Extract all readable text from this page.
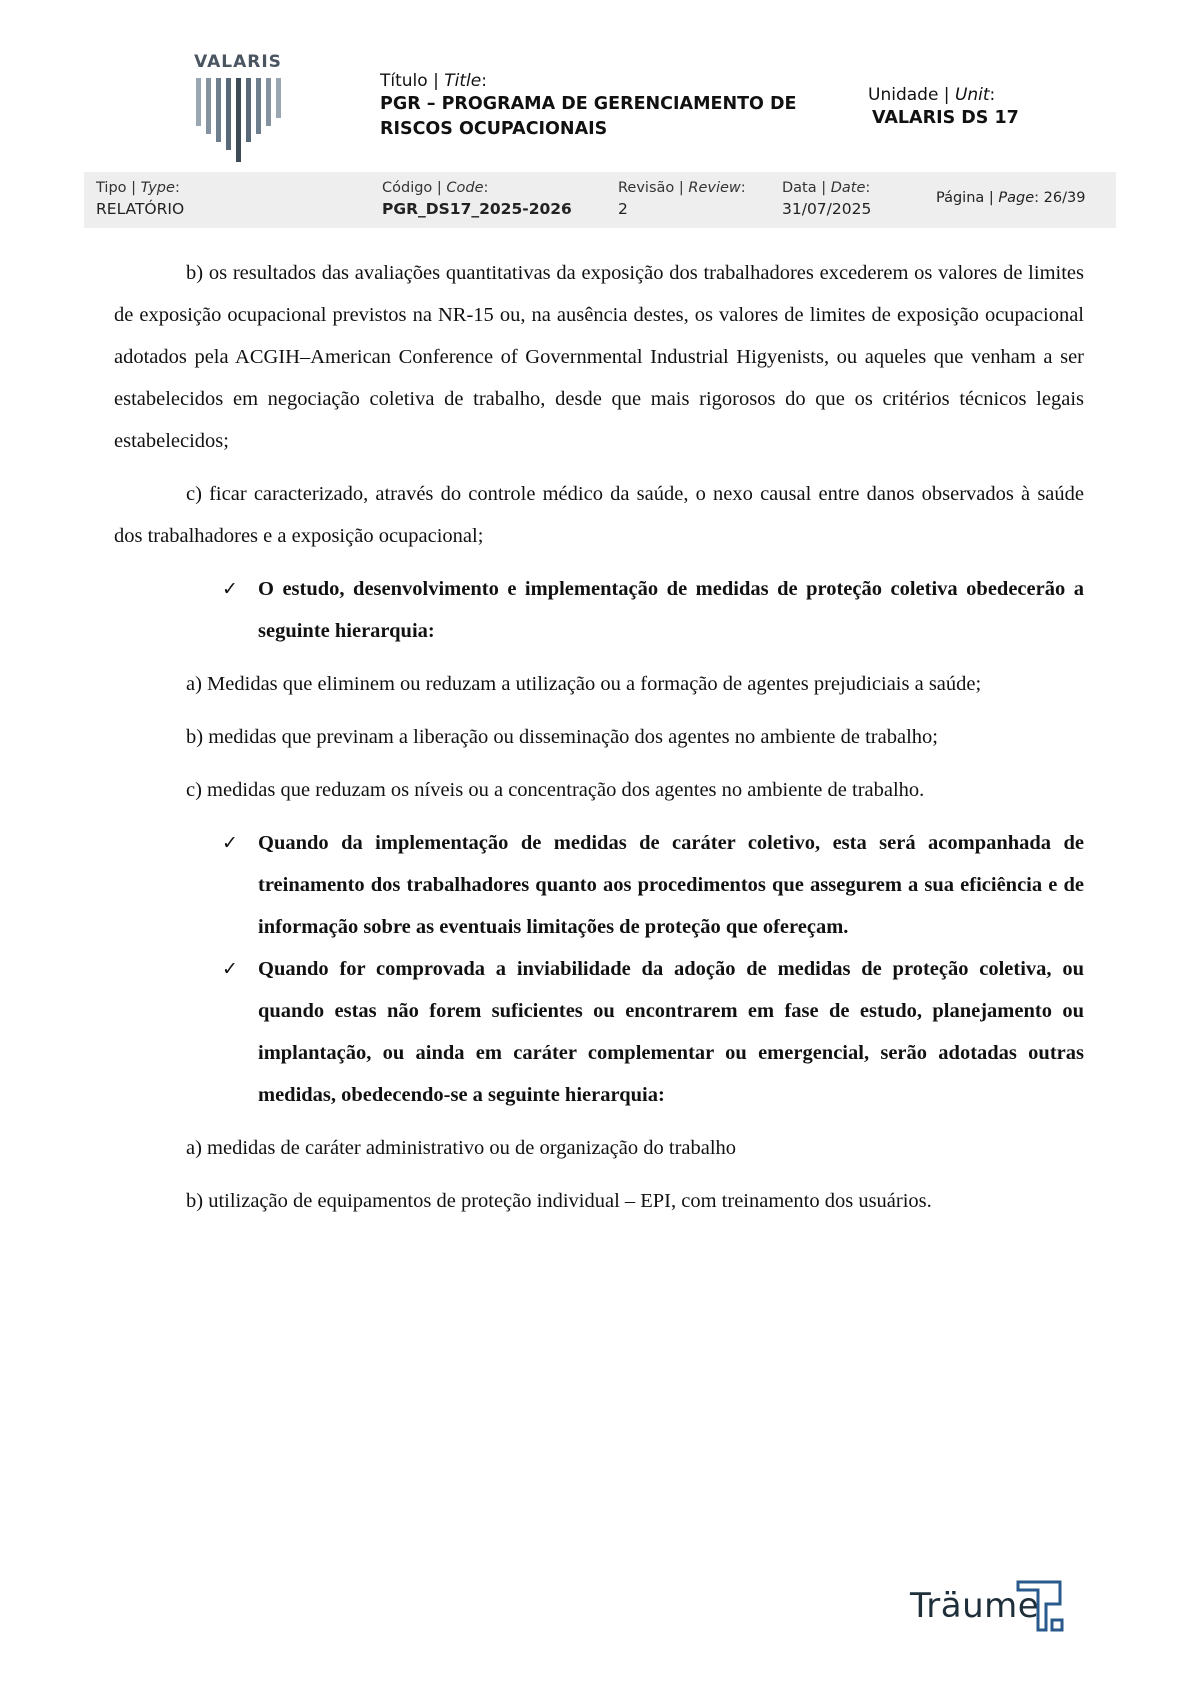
VALARIS
Título | Title:
PGR – PROGRAMA DE GERENCIAMENTO DE
RISCOS OCUPACIONAIS
Unidade | Unit:
VALARIS DS 17
Tipo | Type:
RELATÓRIO
Código | Code:
PGR_DS17_2025-2026
Revisão | Review:
2
Data | Date:
31/07/2025
Página | Page: 26/39

b) os resultados das avaliações quantitativas da exposição dos trabalhadores excederem os valores de limites de exposição ocupacional previstos na NR-15 ou, na ausência destes, os valores de limites de exposição ocupacional adotados pela ACGIH–American Conference of Governmental Industrial Higyenists, ou aqueles que venham a ser estabelecidos em negociação coletiva de trabalho, desde que mais rigorosos do que os critérios técnicos legais estabelecidos;

c) ficar caracterizado, através do controle médico da saúde, o nexo causal entre danos observados à saúde dos trabalhadores e a exposição ocupacional;

✓ O estudo, desenvolvimento e implementação de medidas de proteção coletiva obedecerão a seguinte hierarquia:

a) Medidas que eliminem ou reduzam a utilização ou a formação de agentes prejudiciais a saúde;

b) medidas que previnam a liberação ou disseminação dos agentes no ambiente de trabalho;

c) medidas que reduzam os níveis ou a concentração dos agentes no ambiente de trabalho.

✓ Quando da implementação de medidas de caráter coletivo, esta será acompanhada de treinamento dos trabalhadores quanto aos procedimentos que assegurem a sua eficiência e de informação sobre as eventuais limitações de proteção que ofereçam.
✓ Quando for comprovada a inviabilidade da adoção de medidas de proteção coletiva, ou quando estas não forem suficientes ou encontrarem em fase de estudo, planejamento ou implantação, ou ainda em caráter complementar ou emergencial, serão adotadas outras medidas, obedecendo-se a seguinte hierarquia:

a) medidas de caráter administrativo ou de organização do trabalho

b) utilização de equipamentos de proteção individual – EPI, com treinamento dos usuários.

Träume
